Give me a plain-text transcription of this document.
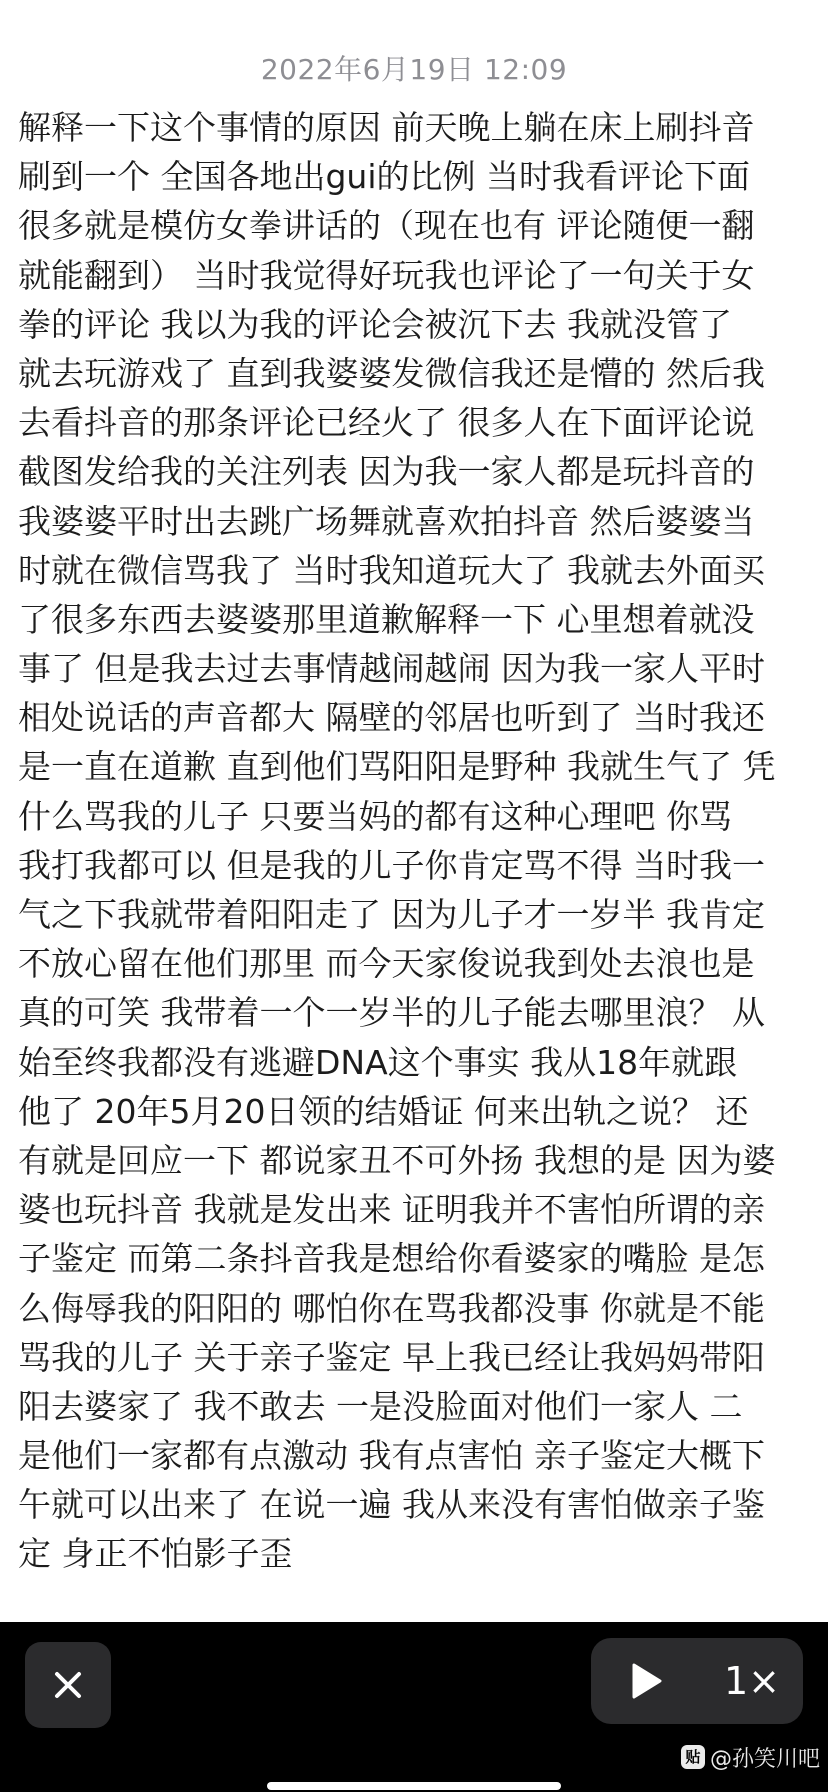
2022年6月19日 12:09
解释一下这个事情的原因 前天晚上躺在床上刷抖音
刷到一个 全国各地出gui的比例 当时我看评论下面
很多就是模仿女拳讲话的（现在也有 评论随便一翻
就能翻到） 当时我觉得好玩我也评论了一句关于女
拳的评论 我以为我的评论会被沉下去 我就没管了
就去玩游戏了 直到我婆婆发微信我还是懵的 然后我
去看抖音的那条评论已经火了 很多人在下面评论说
截图发给我的关注列表 因为我一家人都是玩抖音的
我婆婆平时出去跳广场舞就喜欢拍抖音 然后婆婆当
时就在微信骂我了 当时我知道玩大了 我就去外面买
了很多东西去婆婆那里道歉解释一下 心里想着就没
事了 但是我去过去事情越闹越闹 因为我一家人平时
相处说话的声音都大 隔壁的邻居也听到了 当时我还
是一直在道歉 直到他们骂阳阳是野种 我就生气了 凭
什么骂我的儿子 只要当妈的都有这种心理吧 你骂
我打我都可以 但是我的儿子你肯定骂不得 当时我一
气之下我就带着阳阳走了 因为儿子才一岁半 我肯定
不放心留在他们那里 而今天家俊说我到处去浪也是
真的可笑 我带着一个一岁半的儿子能去哪里浪？ 从
始至终我都没有逃避DNA这个事实 我从18年就跟
他了 20年5月20日领的结婚证 何来出轨之说？ 还
有就是回应一下 都说家丑不可外扬 我想的是 因为婆
婆也玩抖音 我就是发出来 证明我并不害怕所谓的亲
子鉴定 而第二条抖音我是想给你看婆家的嘴脸 是怎
么侮辱我的阳阳的 哪怕你在骂我都没事 你就是不能
骂我的儿子 关于亲子鉴定 早上我已经让我妈妈带阳
阳去婆家了 我不敢去 一是没脸面对他们一家人 二
是他们一家都有点激动 我有点害怕 亲子鉴定大概下
午就可以出来了 在说一遍 我从来没有害怕做亲子鉴
定 身正不怕影子歪
1×
贴 @孙笑川吧
